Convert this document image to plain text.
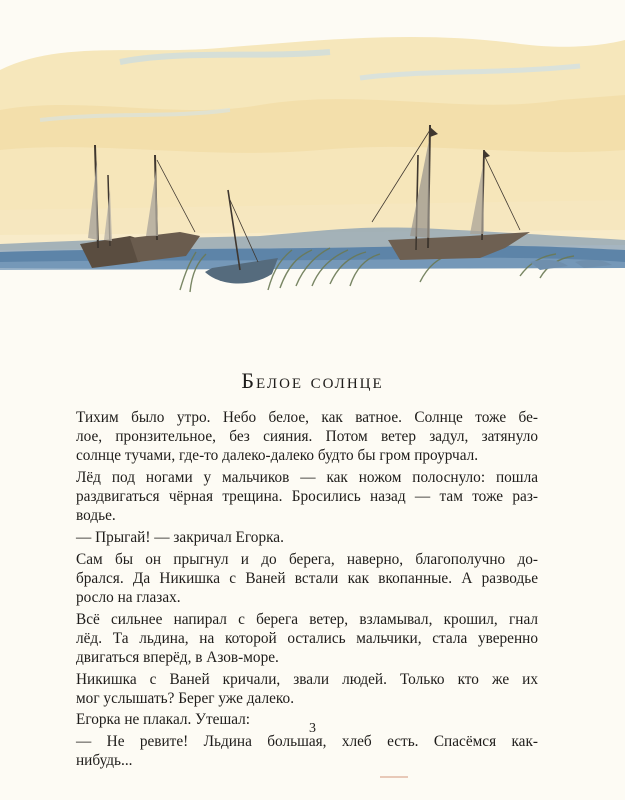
Белое солнце
Тихим было утро. Небо белое, как ватное. Солнце тоже бе-
лое, пронзительное, без сияния. Потом ветер задул, затянуло
солнце тучами, где-то далеко-далеко будто бы гром проурчал.
Лёд под ногами у мальчиков — как ножом полоснуло: пошла
раздвигаться чёрная трещина. Бросились назад — там тоже раз-
водье.
— Прыгай! — закричал Егорка.
Сам бы он прыгнул и до берега, наверно, благополучно до-
брался. Да Никишка с Ваней встали как вкопанные. А разводье
росло на глазах.
Всё сильнее напирал с берега ветер, взламывал, крошил, гнал
лёд. Та льдина, на которой остались мальчики, стала уверенно
двигаться вперёд, в Азов-море.
Никишка с Ваней кричали, звали людей. Только кто же их
мог услышать? Берег уже далеко.
Егорка не плакал. Утешал:
— Не ревите! Льдина большая, хлеб есть. Спасёмся как-
нибудь...
3
